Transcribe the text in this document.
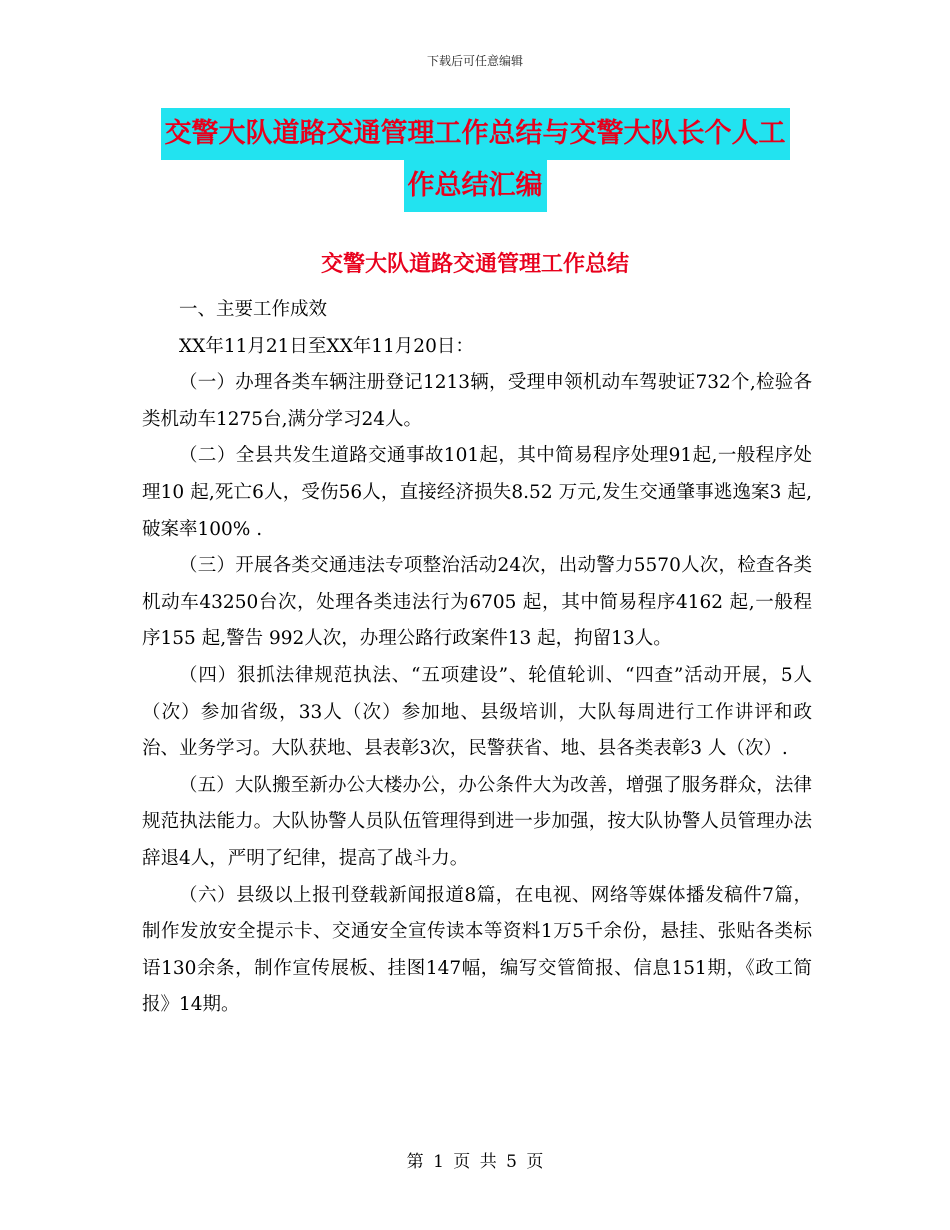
下载后可任意编辑
交警大队道路交通管理工作总结与交警大队长个人工
作总结汇编
交警大队道路交通管理工作总结

一、主要工作成效

XX年11月21日至XX年11月20日：

（一）办理各类车辆注册登记1213辆，受理申领机动车驾驶证732个,检验各类机动车1275台,满分学习24人。

（二）全县共发生道路交通事故101起，其中简易程序处理91起,一般程序处理10 起,死亡6人，受伤56人，直接经济损失8.52 万元,发生交通肇事逃逸案3 起,破案率100% .

（三）开展各类交通违法专项整治活动24次，出动警力5570人次，检查各类机动车43250台次，处理各类违法行为6705 起，其中简易程序4162 起,一般程序155 起,警告 992人次，办理公路行政案件13 起，拘留13人。

（四）狠抓法律规范执法、“五项建设”、轮值轮训、“四查”活动开展，5人（次）参加省级，33人（次）参加地、县级培训，大队每周进行工作讲评和政治、业务学习。大队获地、县表彰3次，民警获省、地、县各类表彰3 人（次）.

（五）大队搬至新办公大楼办公，办公条件大为改善，增强了服务群众，法律规范执法能力。大队协警人员队伍管理得到进一步加强，按大队协警人员管理办法辞退4人，严明了纪律，提高了战斗力。

（六）县级以上报刊登载新闻报道8篇，在电视、网络等媒体播发稿件7篇，制作发放安全提示卡、交通安全宣传读本等资料1万5千余份，悬挂、张贴各类标语130余条，制作宣传展板、挂图147幅，编写交管简报、信息151期，《政工简报》14期。

第 1 页 共 5 页
